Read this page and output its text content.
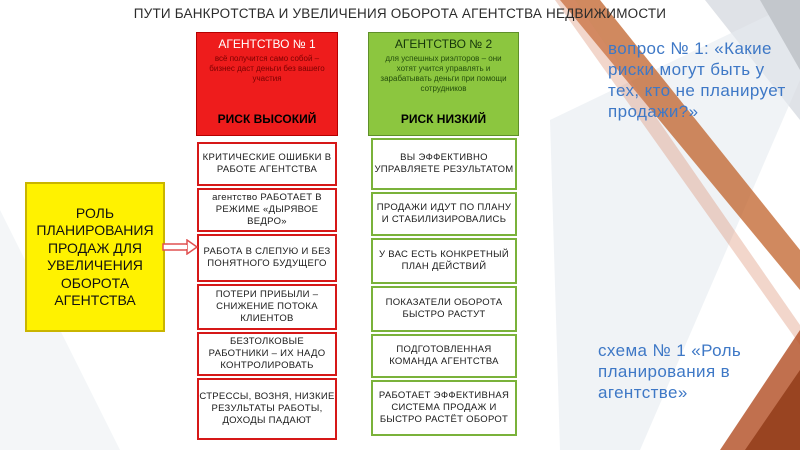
ПУТИ БАНКРОТСТВА И УВЕЛИЧЕНИЯ ОБОРОТА АГЕНТСТВА НЕДВИЖИМОСТИ
АГЕНТСТВО № 1
всё получится само собой – бизнес даст деньги без вашего участия
РИСК ВЫСОКИЙ
АГЕНТСТВО № 2
для успешных риэлторов – они хотят учится управлять и зарабатывать деньги при помощи сотрудников
РИСК НИЗКИЙ
КРИТИЧЕСКИЕ ОШИБКИ В РАБОТЕ АГЕНТСТВА
агентство РАБОТАЕТ В РЕЖИМЕ «ДЫРЯВОЕ ВЕДРО»
РАБОТА В СЛЕПУЮ И БЕЗ ПОНЯТНОГО БУДУЩЕГО
ПОТЕРИ ПРИБЫЛИ – СНИЖЕНИЕ ПОТОКА КЛИЕНТОВ
БЕЗТОЛКОВЫЕ РАБОТНИКИ – ИХ НАДО КОНТРОЛИРОВАТЬ
СТРЕССЫ, ВОЗНЯ, НИЗКИЕ РЕЗУЛЬТАТЫ РАБОТЫ, ДОХОДЫ ПАДАЮТ
ВЫ ЭФФЕКТИВНО УПРАВЛЯЕТЕ РЕЗУЛЬТАТОМ
ПРОДАЖИ ИДУТ ПО ПЛАНУ И СТАБИЛИЗИРОВАЛИСЬ
У ВАС ЕСТЬ КОНКРЕТНЫЙ ПЛАН ДЕЙСТВИЙ
ПОКАЗАТЕЛИ ОБОРОТА БЫСТРО РАСТУТ
ПОДГОТОВЛЕННАЯ КОМАНДА АГЕНТСТВА
РАБОТАЕТ ЭФФЕКТИВНАЯ СИСТЕМА ПРОДАЖ И БЫСТРО РАСТЁТ ОБОРОТ
РОЛЬ ПЛАНИРОВАНИЯ ПРОДАЖ ДЛЯ УВЕЛИЧЕНИЯ ОБОРОТА АГЕНТСТВА
вопрос № 1: «Какие риски могут быть у тех, кто не планирует продажи?»
схема № 1 «Роль планирования в агентстве»
